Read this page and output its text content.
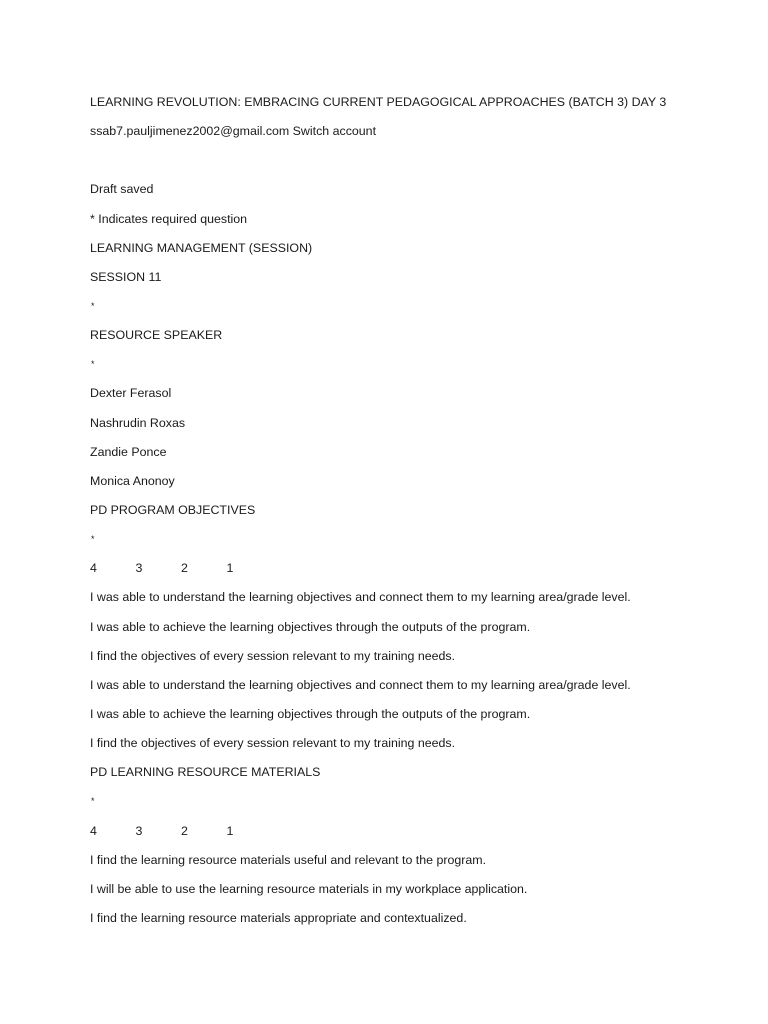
LEARNING REVOLUTION: EMBRACING CURRENT PEDAGOGICAL APPROACHES (BATCH 3) DAY 3
ssab7.pauljimenez2002@gmail.com Switch account
Draft saved
* Indicates required question
LEARNING MANAGEMENT (SESSION)
SESSION 11
*
RESOURCE SPEAKER
*
Dexter Ferasol
Nashrudin Roxas
Zandie Ponce
Monica Anonoy
PD PROGRAM OBJECTIVES
*
4	3	2	1
I was able to understand the learning objectives and connect them to my learning area/grade level.
I was able to achieve the learning objectives through the outputs of the program.
I find the objectives of every session relevant to my training needs.
I was able to understand the learning objectives and connect them to my learning area/grade level.
I was able to achieve the learning objectives through the outputs of the program.
I find the objectives of every session relevant to my training needs.
PD LEARNING RESOURCE MATERIALS
*
4	3	2	1
I find the learning resource materials useful and relevant to the program.
I will be able to use the learning resource materials in my workplace application.
I find the learning resource materials appropriate and contextualized.
